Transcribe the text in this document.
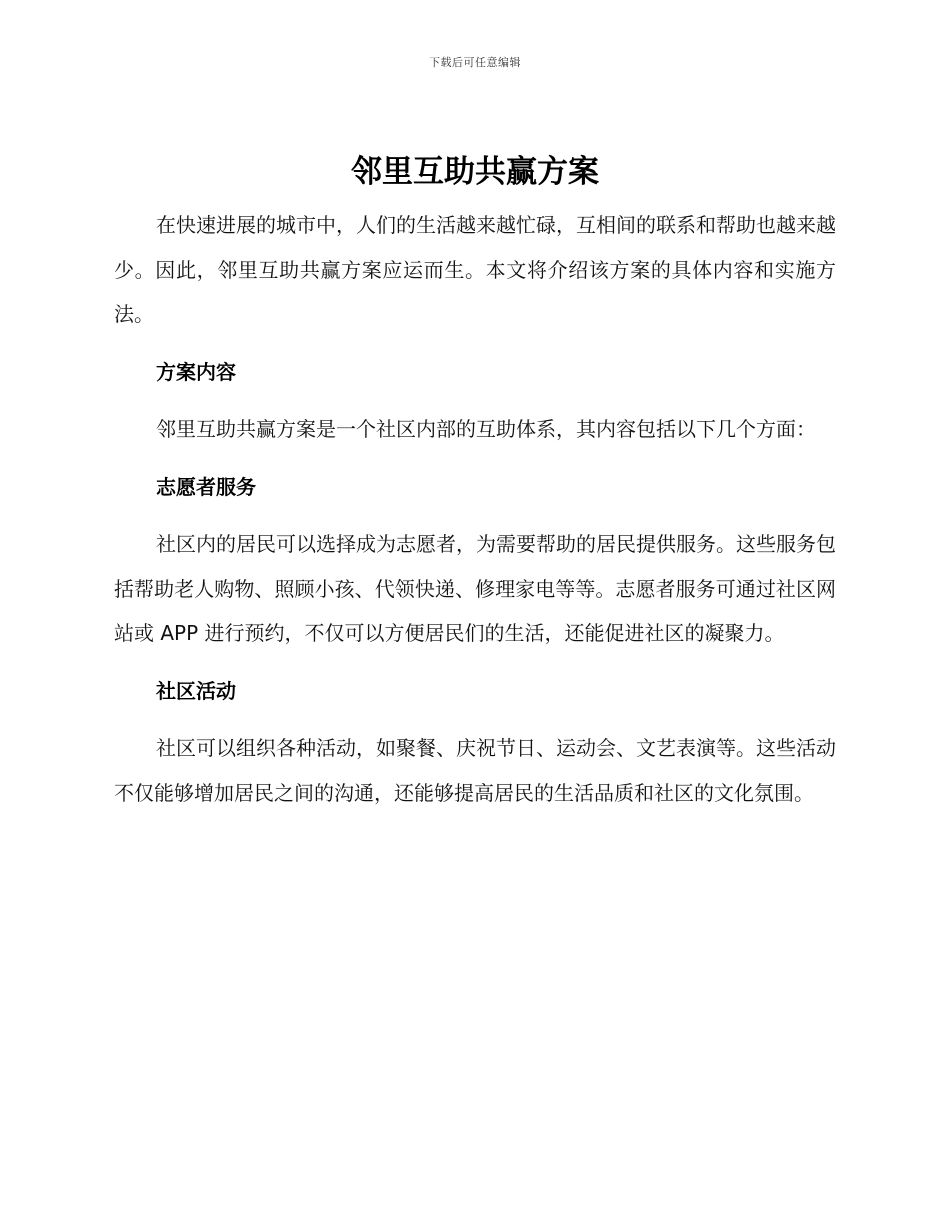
下载后可任意编辑
邻里互助共赢方案

在快速进展的城市中，人们的生活越来越忙碌，互相间的联系和帮助也越来越少。因此，邻里互助共赢方案应运而生。本文将介绍该方案的具体内容和实施方法。

方案内容

邻里互助共赢方案是一个社区内部的互助体系，其内容包括以下几个方面：

志愿者服务

社区内的居民可以选择成为志愿者，为需要帮助的居民提供服务。这些服务包括帮助老人购物、照顾小孩、代领快递、修理家电等等。志愿者服务可通过社区网站或 APP 进行预约，不仅可以方便居民们的生活，还能促进社区的凝聚力。

社区活动

社区可以组织各种活动，如聚餐、庆祝节日、运动会、文艺表演等。这些活动不仅能够增加居民之间的沟通，还能够提高居民的生活品质和社区的文化氛围。
